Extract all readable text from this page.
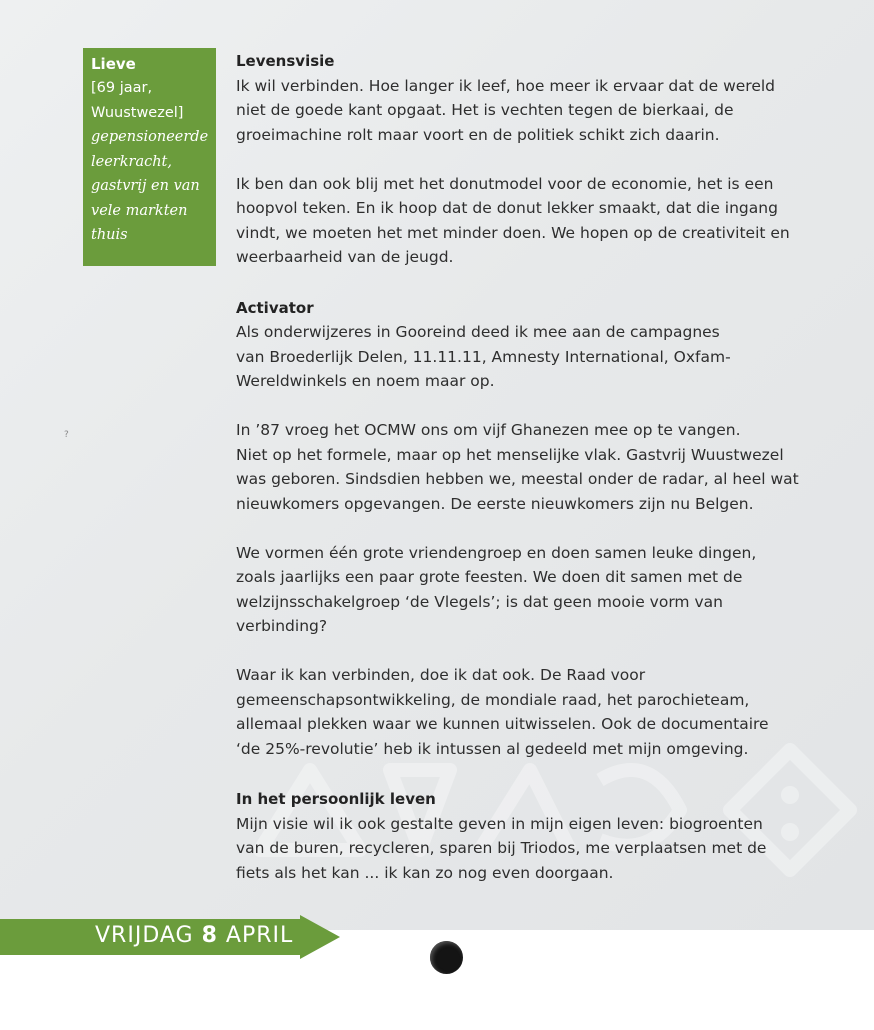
Lieve
[69 jaar,
Wuustwezel]
gepensioneerde
leerkracht,
gastvrij en van
vele markten
thuis
?
Levensvisie
Ik wil verbinden. Hoe langer ik leef, hoe meer ik ervaar dat de wereld
niet de goede kant opgaat. Het is vechten tegen de bierkaai, de
groeimachine rolt maar voort en de politiek schikt zich daarin.
Ik ben dan ook blij met het donutmodel voor de economie, het is een
hoopvol teken. En ik hoop dat de donut lekker smaakt, dat die ingang
vindt, we moeten het met minder doen. We hopen op de creativiteit en
weerbaarheid van de jeugd.
Activator
Als onderwijzeres in Gooreind deed ik mee aan de campagnes
van Broederlijk Delen, 11.11.11, Amnesty International, Oxfam-
Wereldwinkels en noem maar op.
In ’87 vroeg het OCMW ons om vijf Ghanezen mee op te vangen.
Niet op het formele, maar op het menselijke vlak. Gastvrij Wuustwezel
was geboren. Sindsdien hebben we, meestal onder de radar, al heel wat
nieuwkomers opgevangen. De eerste nieuwkomers zijn nu Belgen.
We vormen één grote vriendengroep en doen samen leuke dingen,
zoals jaarlijks een paar grote feesten. We doen dit samen met de
welzijnsschakelgroep ‘de Vlegels’; is dat geen mooie vorm van
verbinding?
Waar ik kan verbinden, doe ik dat ook. De Raad voor
gemeenschapsontwikkeling, de mondiale raad, het parochieteam,
allemaal plekken waar we kunnen uitwisselen. Ook de documentaire
‘de 25%-revolutie’ heb ik intussen al gedeeld met mijn omgeving.
In het persoonlijk leven
Mijn visie wil ik ook gestalte geven in mijn eigen leven: biogroenten
van de buren, recycleren, sparen bij Triodos, me verplaatsen met de
fiets als het kan ... ik kan zo nog even doorgaan.
VRIJDAG 8 APRIL
